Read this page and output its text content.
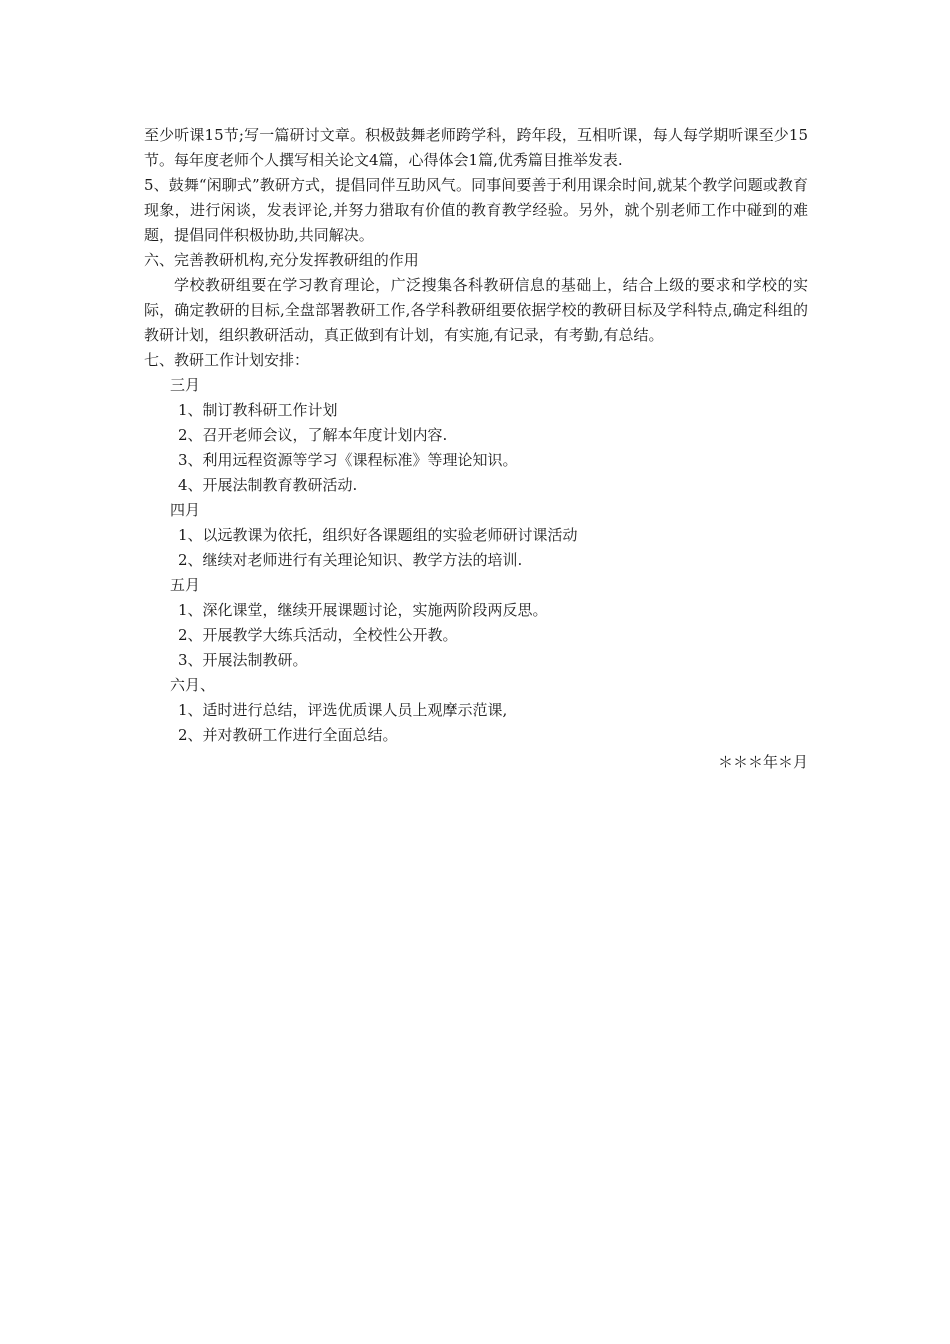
至少听课15节;写一篇研讨文章。积极鼓舞老师跨学科，跨年段，互相听课，每人每学期听课至少15节。每年度老师个人撰写相关论文4篇，心得体会1篇,优秀篇目推举发表.
5、鼓舞“闲聊式”教研方式，提倡同伴互助风气。同事间要善于利用课余时间,就某个教学问题或教育现象，进行闲谈，发表评论,并努力猎取有价值的教育教学经验。另外，就个别老师工作中碰到的难题，提倡同伴积极协助,共同解决。
六、完善教研机构,充分发挥教研组的作用
学校教研组要在学习教育理论，广泛搜集各科教研信息的基础上，结合上级的要求和学校的实际，确定教研的目标,全盘部署教研工作,各学科教研组要依据学校的教研目标及学科特点,确定科组的教研计划，组织教研活动，真正做到有计划，有实施,有记录，有考勤,有总结。
七、教研工作计划安排：
三月
1、制订教科研工作计划
2、召开老师会议，了解本年度计划内容.
3、利用远程资源等学习《课程标准》等理论知识。
4、开展法制教育教研活动.
四月
1、以远教课为依托，组织好各课题组的实验老师研讨课活动
2、继续对老师进行有关理论知识、教学方法的培训.
五月
1、深化课堂，继续开展课题讨论，实施两阶段两反思。
2、开展教学大练兵活动，全校性公开教。
3、开展法制教研。
六月、
1、适时进行总结，评选优质课人员上观摩示范课,
2、并对教研工作进行全面总结。
＊＊＊年＊月
